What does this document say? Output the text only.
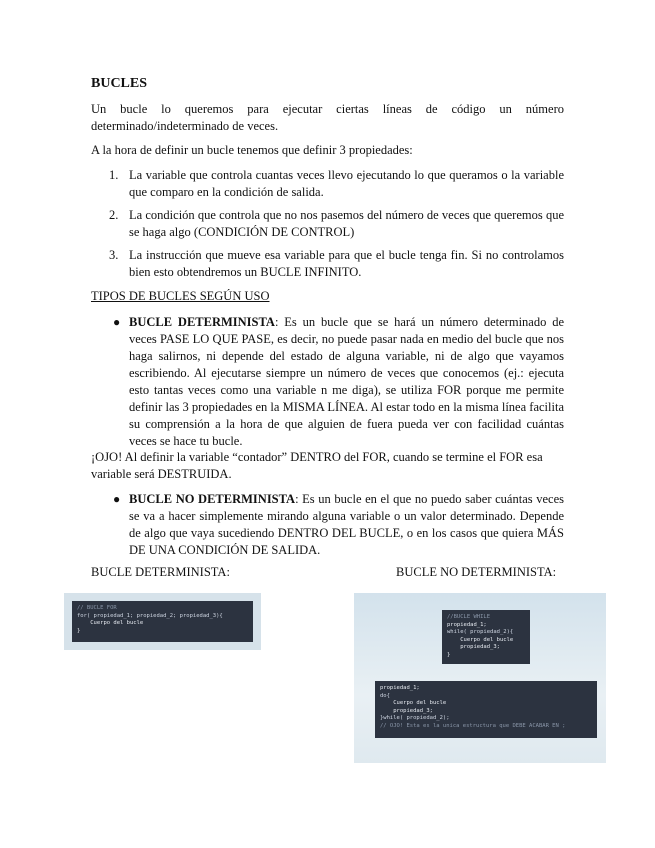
BUCLES
Un bucle lo queremos para ejecutar ciertas líneas de código un número determinado/indeterminado de veces.
A la hora de definir un bucle tenemos que definir 3 propiedades:
1. La variable que controla cuantas veces llevo ejecutando lo que queramos o la variable que comparo en la condición de salida.
2. La condición que controla que no nos pasemos del número de veces que queremos que se haga algo (CONDICIÓN DE CONTROL)
3. La instrucción que mueve esa variable para que el bucle tenga fin. Si no controlamos bien esto obtendremos un BUCLE INFINITO.
TIPOS DE BUCLES SEGÚN USO
● BUCLE DETERMINISTA: Es un bucle que se hará un número determinado de veces PASE LO QUE PASE, es decir, no puede pasar nada en medio del bucle que nos haga salirnos, ni depende del estado de alguna variable, ni de algo que vayamos escribiendo. Al ejecutarse siempre un número de veces que conocemos (ej.: ejecuta esto tantas veces como una variable n me diga), se utiliza FOR porque me permite definir las 3 propiedades en la MISMA LÍNEA. Al estar todo en la misma línea facilita su comprensión a la hora de que alguien de fuera pueda ver con facilidad cuántas veces se hace tu bucle.
¡OJO! Al definir la variable “contador” DENTRO del FOR, cuando se termine el FOR esa variable será DESTRUIDA.
● BUCLE NO DETERMINISTA: Es un bucle en el que no puedo saber cuántas veces se va a hacer simplemente mirando alguna variable o un valor determinado. Depende de algo que vaya sucediendo DENTRO DEL BUCLE, o en los casos que quiera MÁS DE UNA CONDICIÓN DE SALIDA.
BUCLE DETERMINISTA:	BUCLE NO DETERMINISTA:
// BUCLE FOR
for( propiedad_1; propiedad_2; propiedad_3){
Cuerpo del bucle
}
//BUCLE WHILE
propiedad_1;
while( propiedad_2){
Cuerpo del bucle
propiedad_3;
}
propiedad_1;
do{
Cuerpo del bucle
propiedad_3;
}while( propiedad_2);
// OJO! Esta es la unica estructura que DEBE ACABAR EN ;
